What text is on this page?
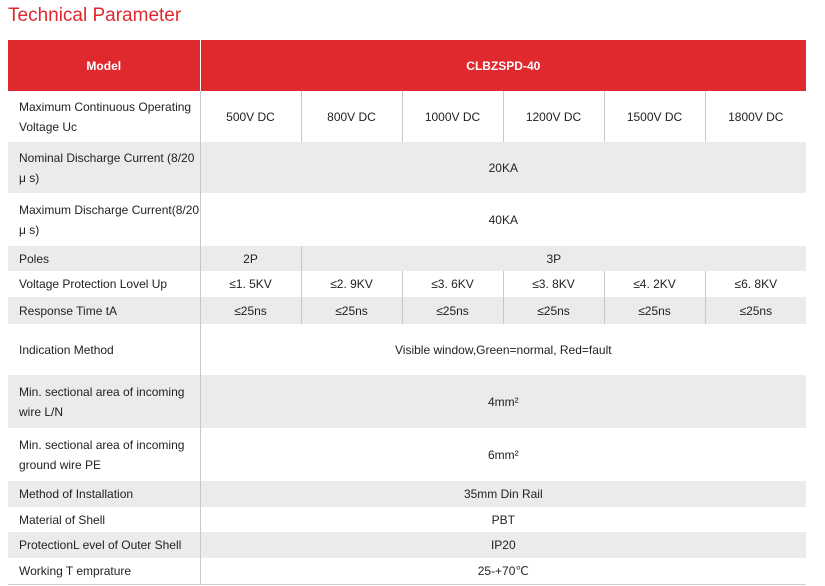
Technical Parameter
Model	CLBZSPD-40					
Maximum Continuous Operating Voltage Uc	500V DC	800V DC	1000V DC	1200V DC	1500V DC	1800V DC
Nominal Discharge Current (8/20 μ s)	20KA					
Maximum Discharge Current(8/20 μ s)	40KA					
Poles	2P	3P				
Voltage Protection Lovel Up	≤1. 5KV	≤2. 9KV	≤3. 6KV	≤3. 8KV	≤4. 2KV	≤6. 8KV
Response Time tA	≤25ns	≤25ns	≤25ns	≤25ns	≤25ns	≤25ns
Indication Method	Visible window,Green=normal, Red=fault					
Min. sectional area of incoming wire L/N	4mm²					
Min. sectional area of incoming ground wire PE	6mm²					
Method of Installation	35mm Din Rail					
Material of Shell	PBT					
ProtectionL evel of Outer Shell	IP20					
Working T emprature	25-+70℃					
